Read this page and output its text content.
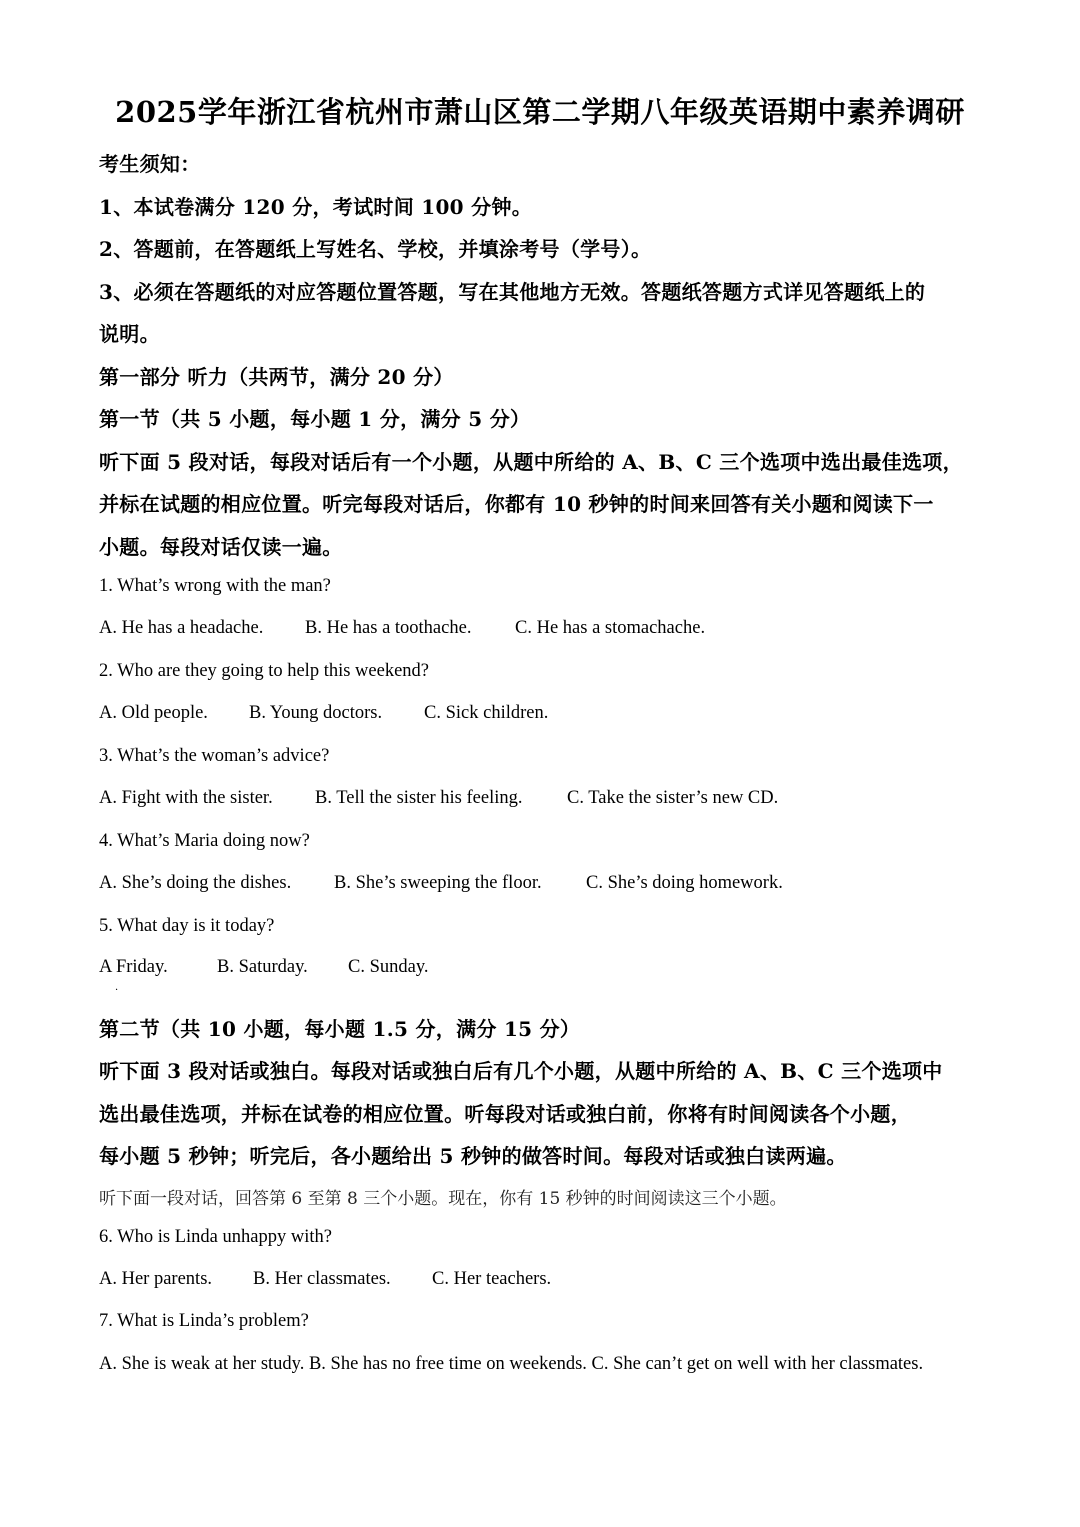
2025学年浙江省杭州市萧山区第二学期八年级英语期中素养调研
考生须知：
1、本试卷满分 120 分，考试时间 100 分钟。
2、答题前，在答题纸上写姓名、学校，并填涂考号（学号）。
3、必须在答题纸的对应答题位置答题，写在其他地方无效。答题纸答题方式详见答题纸上的
说明。
第一部分 听力（共两节，满分 20 分）
第一节（共 5 小题，每小题 1 分，满分 5 分）
听下面 5 段对话，每段对话后有一个小题，从题中所给的 A、B、C 三个选项中选出最佳选项，
并标在试题的相应位置。听完每段对话后，你都有 10 秒钟的时间来回答有关小题和阅读下一
小题。每段对话仅读一遍。
1. What’s wrong with the man?
A. He has a headache. B. He has a toothache. C. He has a stomachache.
2. Who are they going to help this weekend?
A. Old people. B. Young doctors. C. Sick children.
3. What’s the woman’s advice?
A. Fight with the sister. B. Tell the sister his feeling. C. Take the sister’s new CD.
4. What’s Maria doing now?
A. She’s doing the dishes. B. She’s sweeping the floor. C. She’s doing homework.
5. What day is it today?
A Friday.	B. Saturday. C. Sunday.
·
第二节（共 10 小题，每小题 1.5 分，满分 15 分）
听下面 3 段对话或独白。每段对话或独白后有几个小题，从题中所给的 A、B、C 三个选项中
选出最佳选项，并标在试卷的相应位置。听每段对话或独白前，你将有时间阅读各个小题，
每小题 5 秒钟；听完后，各小题给出 5 秒钟的做答时间。每段对话或独白读两遍。
听下面一段对话，回答第 6 至第 8 三个小题。现在，你有 15 秒钟的时间阅读这三个小题。
6. Who is Linda unhappy with?
A. Her parents. B. Her classmates. C. Her teachers.
7. What is Linda’s problem?
A. She is weak at her study. B. She has no free time on weekends. C. She can’t get on well with her classmates.
